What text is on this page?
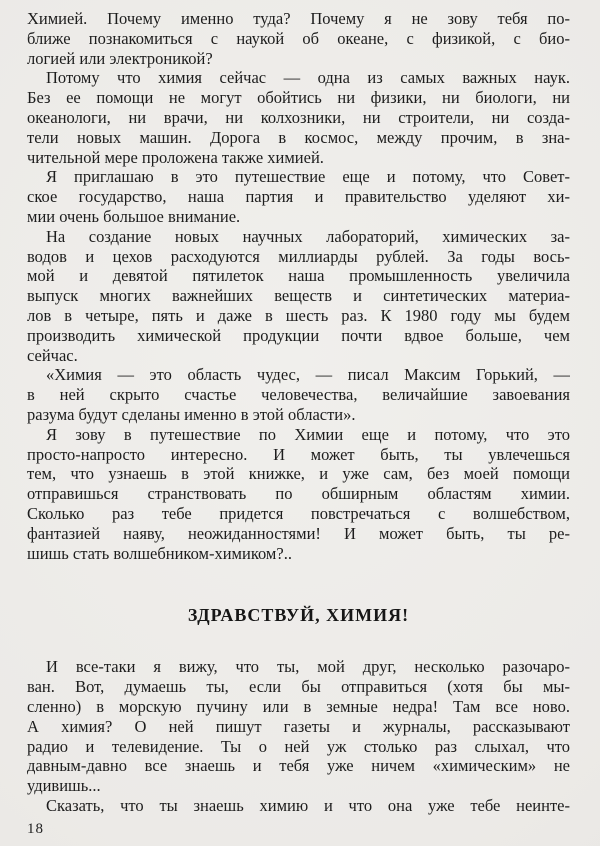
Химией. Почему именно туда? Почему я не зову тебя по-
ближе познакомиться с наукой об океане, с физикой, с био-
логией или электроникой?
Потому что химия сейчас — одна из самых важных наук.
Без ее помощи не могут обойтись ни физики, ни биологи, ни
океанологи, ни врачи, ни колхозники, ни строители, ни созда-
тели новых машин. Дорога в космос, между прочим, в зна-
чительной мере проложена также химией.
Я приглашаю в это путешествие еще и потому, что Совет-
ское государство, наша партия и правительство уделяют хи-
мии очень большое внимание.
На создание новых научных лабораторий, химических за-
водов и цехов расходуются миллиарды рублей. За годы вось-
мой и девятой пятилеток наша промышленность увеличила
выпуск многих важнейших веществ и синтетических материа-
лов в четыре, пять и даже в шесть раз. К 1980 году мы будем
производить химической продукции почти вдвое больше, чем
сейчас.
«Химия — это область чудес, — писал Максим Горький, —
в ней скрыто счастье человечества, величайшие завоевания
разума будут сделаны именно в этой области».
Я зову в путешествие по Химии еще и потому, что это
просто-напросто интересно. И может быть, ты увлечешься
тем, что узнаешь в этой книжке, и уже сам, без моей помощи
отправишься странствовать по обширным областям химии.
Сколько раз тебе придется повстречаться с волшебством,
фантазией наяву, неожиданностями! И может быть, ты ре-
шишь стать волшебником-химиком?..
ЗДРАВСТВУЙ, ХИМИЯ!
И все-таки я вижу, что ты, мой друг, несколько разочаро-
ван. Вот, думаешь ты, если бы отправиться (хотя бы мы-
сленно) в морскую пучину или в земные недра! Там все ново.
А химия? О ней пишут газеты и журналы, рассказывают
радио и телевидение. Ты о ней уж столько раз слыхал, что
давным-давно все знаешь и тебя уже ничем «химическим» не
удивишь...
Сказать, что ты знаешь химию и что она уже тебе неинте-
18
